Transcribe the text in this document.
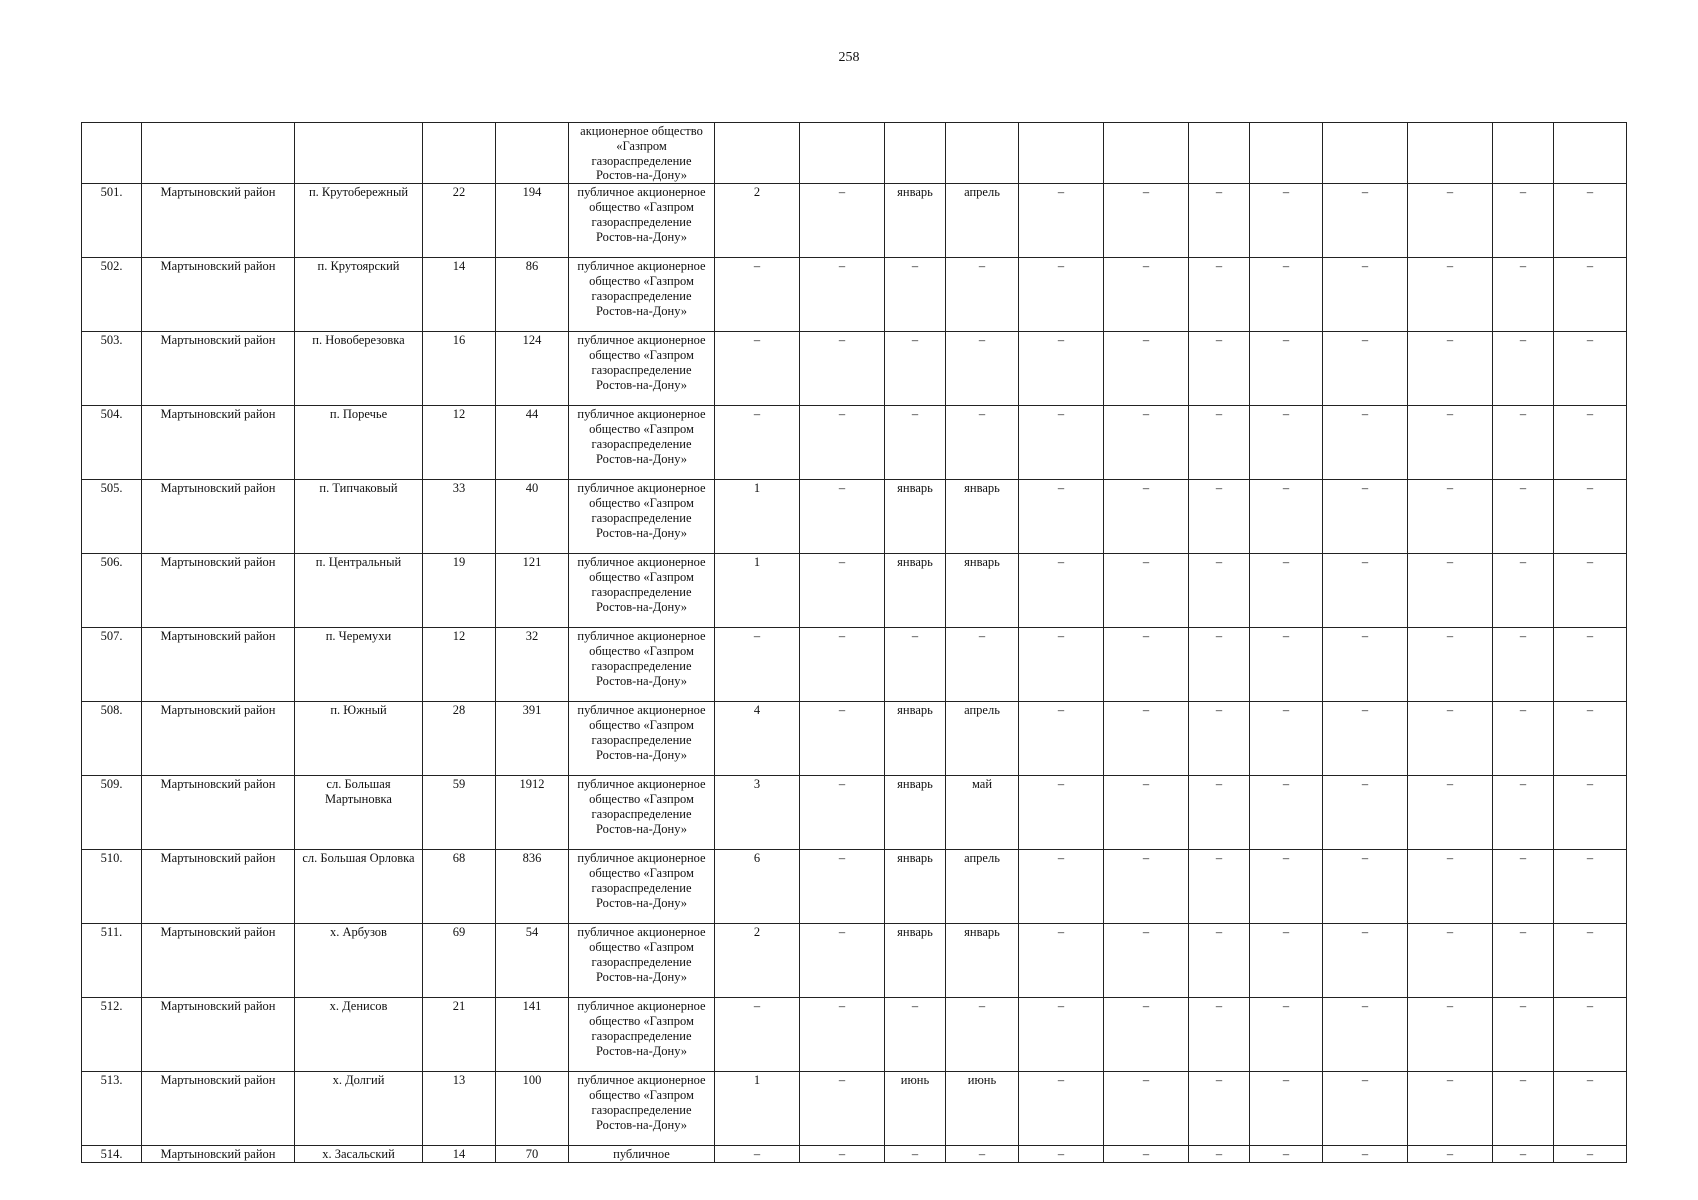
258
					акционерное общество «Газпром газораспределение Ростов-на-Дону»												
501.	Мартыновский район	п. Крутобережный	22	194	публичное акционерное общество «Газпром газораспределение Ростов-на-Дону»	2	–	январь	апрель	–	–	–	–	–	–	–	–
502.	Мартыновский район	п. Крутоярский	14	86	публичное акционерное общество «Газпром газораспределение Ростов-на-Дону»	–	–	–	–	–	–	–	–	–	–	–	–
503.	Мартыновский район	п. Новоберезовка	16	124	публичное акционерное общество «Газпром газораспределение Ростов-на-Дону»	–	–	–	–	–	–	–	–	–	–	–	–
504.	Мартыновский район	п. Поречье	12	44	публичное акционерное общество «Газпром газораспределение Ростов-на-Дону»	–	–	–	–	–	–	–	–	–	–	–	–
505.	Мартыновский район	п. Типчаковый	33	40	публичное акционерное общество «Газпром газораспределение Ростов-на-Дону»	1	–	январь	январь	–	–	–	–	–	–	–	–
506.	Мартыновский район	п. Центральный	19	121	публичное акционерное общество «Газпром газораспределение Ростов-на-Дону»	1	–	январь	январь	–	–	–	–	–	–	–	–
507.	Мартыновский район	п. Черемухи	12	32	публичное акционерное общество «Газпром газораспределение Ростов-на-Дону»	–	–	–	–	–	–	–	–	–	–	–	–
508.	Мартыновский район	п. Южный	28	391	публичное акционерное общество «Газпром газораспределение Ростов-на-Дону»	4	–	январь	апрель	–	–	–	–	–	–	–	–
509.	Мартыновский район	сл. Большая Мартыновка	59	1912	публичное акционерное общество «Газпром газораспределение Ростов-на-Дону»	3	–	январь	май	–	–	–	–	–	–	–	–
510.	Мартыновский район	сл. Большая Орловка	68	836	публичное акционерное общество «Газпром газораспределение Ростов-на-Дону»	6	–	январь	апрель	–	–	–	–	–	–	–	–
511.	Мартыновский район	х. Арбузов	69	54	публичное акционерное общество «Газпром газораспределение Ростов-на-Дону»	2	–	январь	январь	–	–	–	–	–	–	–	–
512.	Мартыновский район	х. Денисов	21	141	публичное акционерное общество «Газпром газораспределение Ростов-на-Дону»	–	–	–	–	–	–	–	–	–	–	–	–
513.	Мартыновский район	х. Долгий	13	100	публичное акционерное общество «Газпром газораспределение Ростов-на-Дону»	1	–	июнь	июнь	–	–	–	–	–	–	–	–
514.	Мартыновский район	х. Засальский	14	70	публичное	–	–	–	–	–	–	–	–	–	–	–	–
